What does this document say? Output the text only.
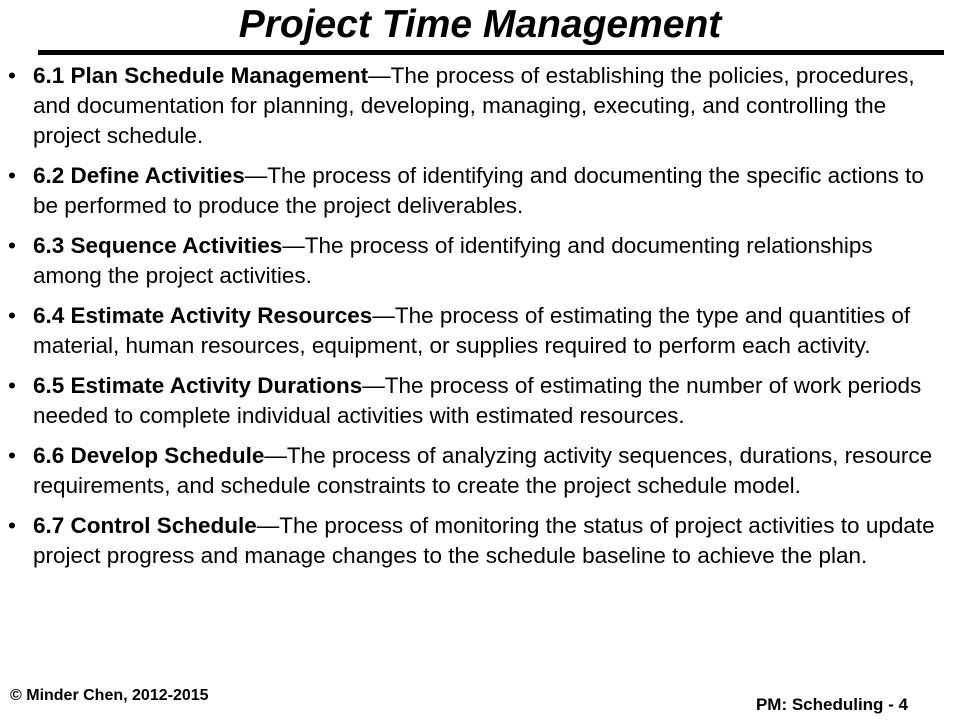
Project Time Management
• 6.1 Plan Schedule Management—The process of establishing the policies, procedures, and documentation for planning, developing, managing, executing, and controlling the project schedule.
• 6.2 Define Activities—The process of identifying and documenting the specific actions to be performed to produce the project deliverables.
• 6.3 Sequence Activities—The process of identifying and documenting relationships among the project activities.
• 6.4 Estimate Activity Resources—The process of estimating the type and quantities of material, human resources, equipment, or supplies required to perform each activity.
• 6.5 Estimate Activity Durations—The process of estimating the number of work periods needed to complete individual activities with estimated resources.
• 6.6 Develop Schedule—The process of analyzing activity sequences, durations, resource requirements, and schedule constraints to create the project schedule model.
• 6.7 Control Schedule—The process of monitoring the status of project activities to update project progress and manage changes to the schedule baseline to achieve the plan.
© Minder Chen, 2012-2015	PM: Scheduling - 4
